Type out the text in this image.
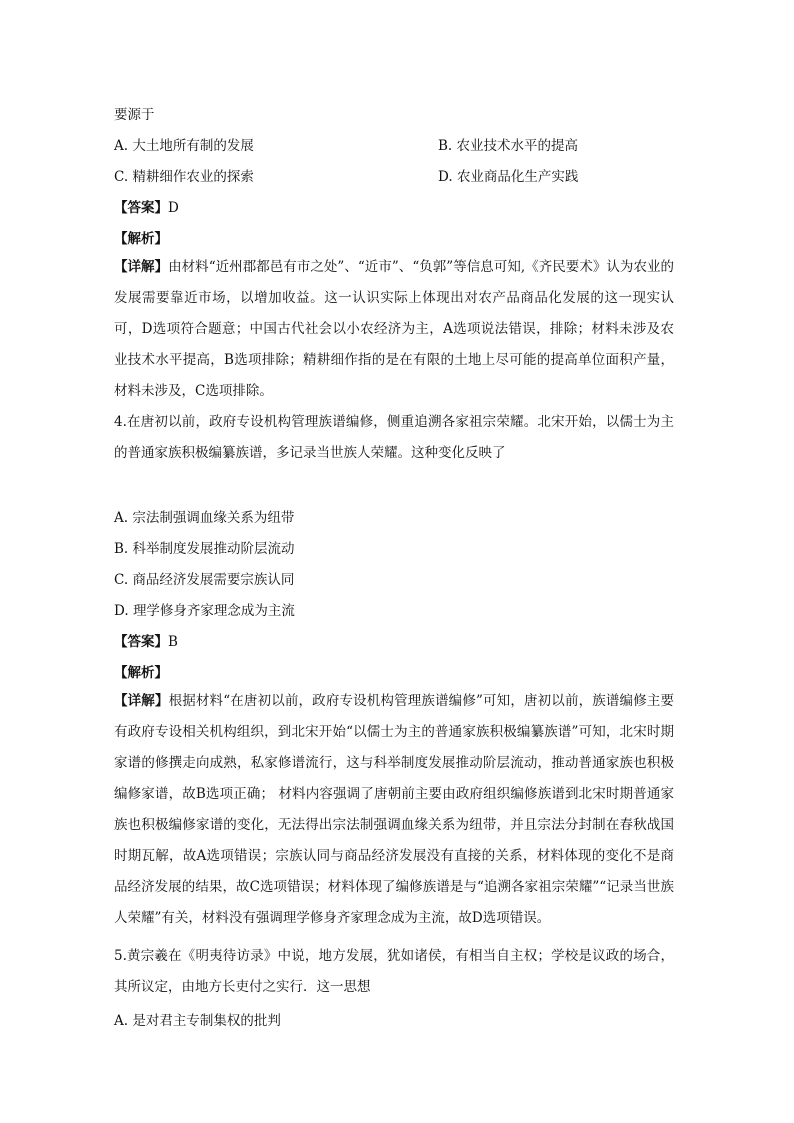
要源于
A. 大土地所有制的发展	B. 农业技术水平的提高
C. 精耕细作农业的探索	D. 农业商品化生产实践
【答案】D
【解析】
【详解】由材料“近州郡都邑有市之处”、“近市”、“负郭”等信息可知,《齐民要术》认为农业的发展需要靠近市场，以增加收益。这一认识实际上体现出对农产品商品化发展的这一现实认可，D选项符合题意；中国古代社会以小农经济为主，A选项说法错误，排除；材料未涉及农业技术水平提高，B选项排除；精耕细作指的是在有限的土地上尽可能的提高单位面积产量，材料未涉及，C选项排除。
4.在唐初以前，政府专设机构管理族谱编修，侧重追溯各家祖宗荣耀。北宋开始，以儒士为主的普通家族积极编纂族谱，多记录当世族人荣耀。这种变化反映了
A. 宗法制强调血缘关系为纽带
B. 科举制度发展推动阶层流动
C. 商品经济发展需要宗族认同
D. 理学修身齐家理念成为主流
【答案】B
【解析】
【详解】根据材料“在唐初以前，政府专设机构管理族谱编修”可知，唐初以前，族谱编修主要有政府专设相关机构组织，到北宋开始“以儒士为主的普通家族积极编纂族谱”可知，北宋时期家谱的修撰走向成熟，私家修谱流行，这与科举制度发展推动阶层流动，推动普通家族也积极编修家谱，故B选项正确； 材料内容强调了唐朝前主要由政府组织编修族谱到北宋时期普通家族也积极编修家谱的变化，无法得出宗法制强调血缘关系为纽带，并且宗法分封制在春秋战国时期瓦解，故A选项错误；宗族认同与商品经济发展没有直接的关系，材料体现的变化不是商品经济发展的结果，故C选项错误；材料体现了编修族谱是与“追溯各家祖宗荣耀”“记录当世族人荣耀”有关，材料没有强调理学修身齐家理念成为主流，故D选项错误。
5.黄宗羲在《明夷待访录》中说，地方发展，犹如诸侯，有相当自主权；学校是议政的场合，其所议定，由地方长吏付之实行．这一思想
A. 是对君主专制集权的批判
